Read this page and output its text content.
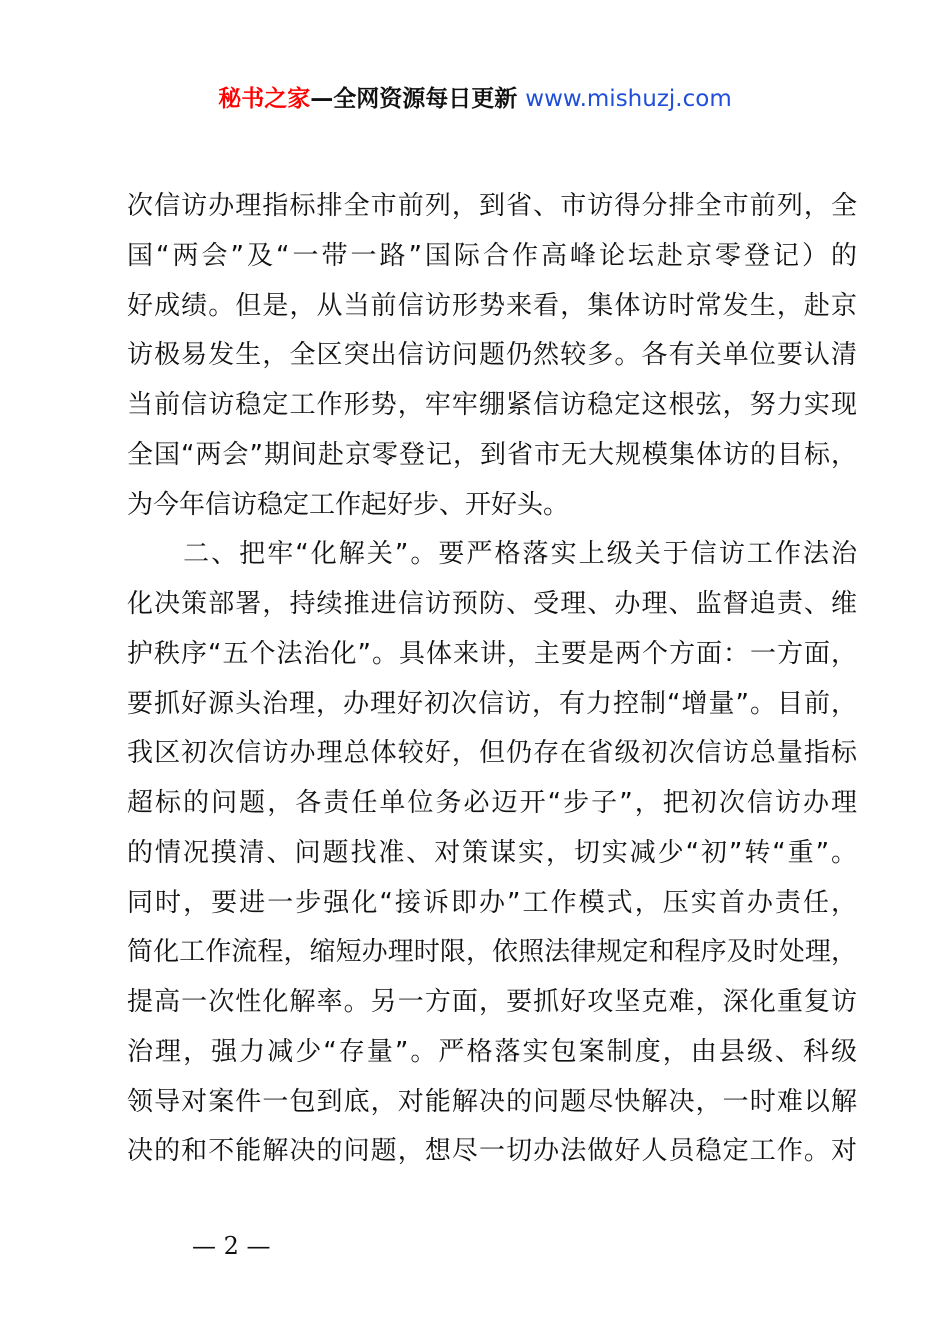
秘书之家—全网资源每日更新 www.mishuzj.com
次信访办理指标排全市前列，到省、市访得分排全市前列，全
国“两会”及“一带一路”国际合作高峰论坛赴京零登记）的
好成绩。但是，从当前信访形势来看，集体访时常发生，赴京
访极易发生，全区突出信访问题仍然较多。各有关单位要认清
当前信访稳定工作形势，牢牢绷紧信访稳定这根弦，努力实现
全国“两会”期间赴京零登记，到省市无大规模集体访的目标，
为今年信访稳定工作起好步、开好头。
　　二、把牢“化解关”。要严格落实上级关于信访工作法治
化决策部署，持续推进信访预防、受理、办理、监督追责、维
护秩序“五个法治化”。具体来讲，主要是两个方面：一方面，
要抓好源头治理，办理好初次信访，有力控制“增量”。目前，
我区初次信访办理总体较好，但仍存在省级初次信访总量指标
超标的问题，各责任单位务必迈开“步子”，把初次信访办理
的情况摸清、问题找准、对策谋实，切实减少“初”转“重”。
同时，要进一步强化“接诉即办”工作模式，压实首办责任，
简化工作流程，缩短办理时限，依照法律规定和程序及时处理，
提高一次性化解率。另一方面，要抓好攻坚克难，深化重复访
治理，强力减少“存量”。严格落实包案制度，由县级、科级
领导对案件一包到底，对能解决的问题尽快解决，一时难以解
决的和不能解决的问题，想尽一切办法做好人员稳定工作。对
— 2 —
